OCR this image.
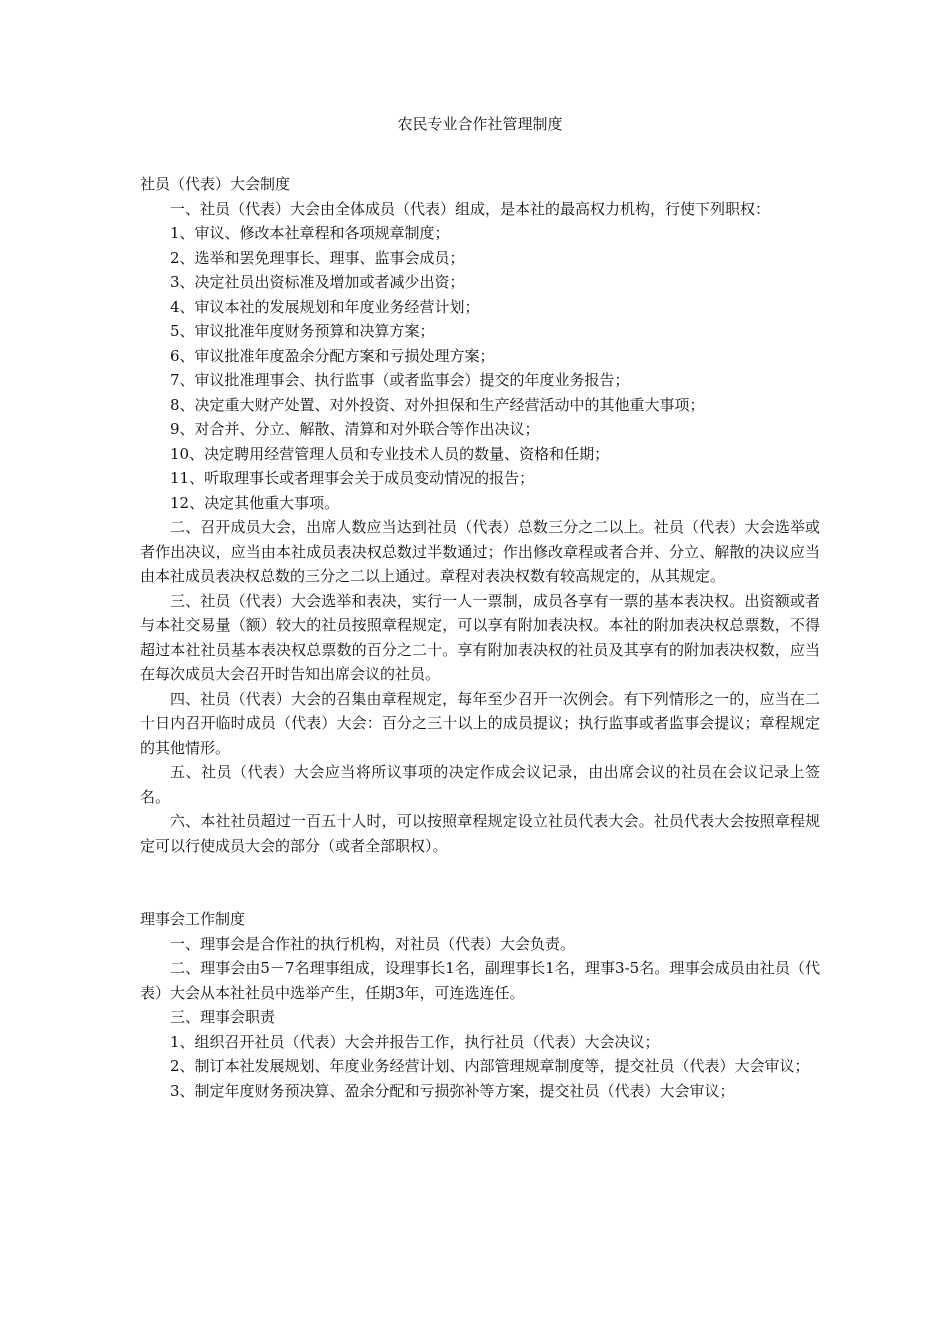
农民专业合作社管理制度
社员（代表）大会制度

一、社员（代表）大会由全体成员（代表）组成，是本社的最高权力机构，行使下列职权：

1、审议、修改本社章程和各项规章制度；

2、选举和罢免理事长、理事、监事会成员；

3、决定社员出资标准及增加或者减少出资；

4、审议本社的发展规划和年度业务经营计划；

5、审议批准年度财务预算和决算方案；

6、审议批准年度盈余分配方案和亏损处理方案；

7、审议批准理事会、执行监事（或者监事会）提交的年度业务报告；

8、决定重大财产处置、对外投资、对外担保和生产经营活动中的其他重大事项；

9、对合并、分立、解散、清算和对外联合等作出决议；

10、决定聘用经营管理人员和专业技术人员的数量、资格和任期；

11、听取理事长或者理事会关于成员变动情况的报告；

12、决定其他重大事项。

二、召开成员大会，出席人数应当达到社员（代表）总数三分之二以上。社员（代表）大会选举或者作出决议，应当由本社成员表决权总数过半数通过；作出修改章程或者合并、分立、解散的决议应当由本社成员表决权总数的三分之二以上通过。章程对表决权数有较高规定的，从其规定。

三、社员（代表）大会选举和表决，实行一人一票制，成员各享有一票的基本表决权。出资额或者与本社交易量（额）较大的社员按照章程规定，可以享有附加表决权。本社的附加表决权总票数，不得超过本社社员基本表决权总票数的百分之二十。享有附加表决权的社员及其享有的附加表决权数，应当在每次成员大会召开时告知出席会议的社员。

四、社员（代表）大会的召集由章程规定，每年至少召开一次例会。有下列情形之一的，应当在二十日内召开临时成员（代表）大会：百分之三十以上的成员提议；执行监事或者监事会提议；章程规定的其他情形。

五、社员（代表）大会应当将所议事项的决定作成会议记录，由出席会议的社员在会议记录上签名。

六、本社社员超过一百五十人时，可以按照章程规定设立社员代表大会。社员代表大会按照章程规定可以行使成员大会的部分（或者全部职权）。

理事会工作制度

一、理事会是合作社的执行机构，对社员（代表）大会负责。

二、理事会由5－7名理事组成，设理事长1名，副理事长1名，理事3-5名。理事会成员由社员（代表）大会从本社社员中选举产生，任期3年，可连选连任。

三、理事会职责

1、组织召开社员（代表）大会并报告工作，执行社员（代表）大会决议；

2、制订本社发展规划、年度业务经营计划、内部管理规章制度等，提交社员（代表）大会审议；

3、制定年度财务预决算、盈余分配和亏损弥补等方案，提交社员（代表）大会审议；
